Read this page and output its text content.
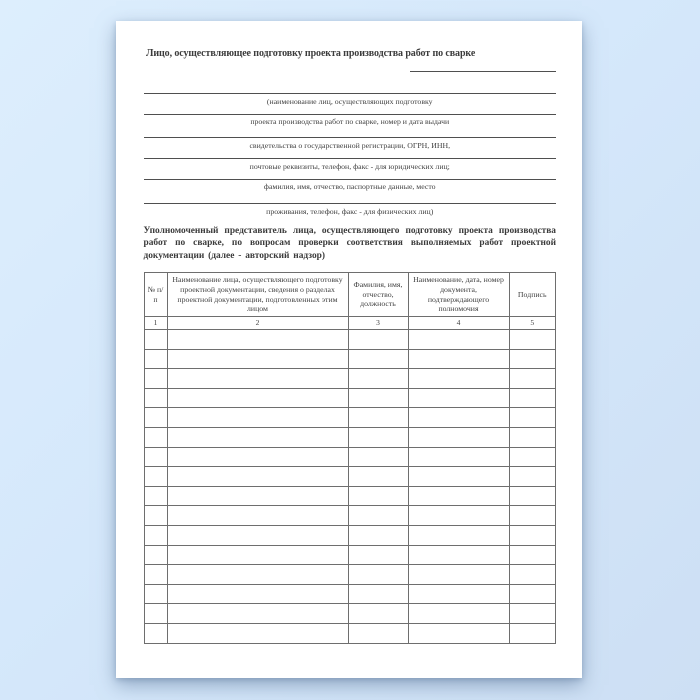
Лицо, осуществляющее подготовку проекта производства работ по сварке
(наименование лиц, осуществляющих подготовку
проекта производства работ по сварке, номер и дата выдачи
свидетельства о государственной регистрации, ОГРН, ИНН,
почтовые реквизиты, телефон, факс - для юридических лиц;
фамилия, имя, отчество, паспортные данные, место
проживания, телефон, факс - для физических лиц)

Уполномоченный представитель лица, осуществляющего подготовку проекта производства работ по сварке, по вопросам проверки соответствия выполняемых работ проектной документации (далее - авторский надзор)

№ п/п	Наименование лица, осуществляющего подготовку проектной документации, сведения о разделах проектной документации, подготовленных этим лицом	Фамилия, имя, отчество, должность	Наименование, дата, номер документа, подтверждающего полномочия	Подпись
1	2	3	4	5
